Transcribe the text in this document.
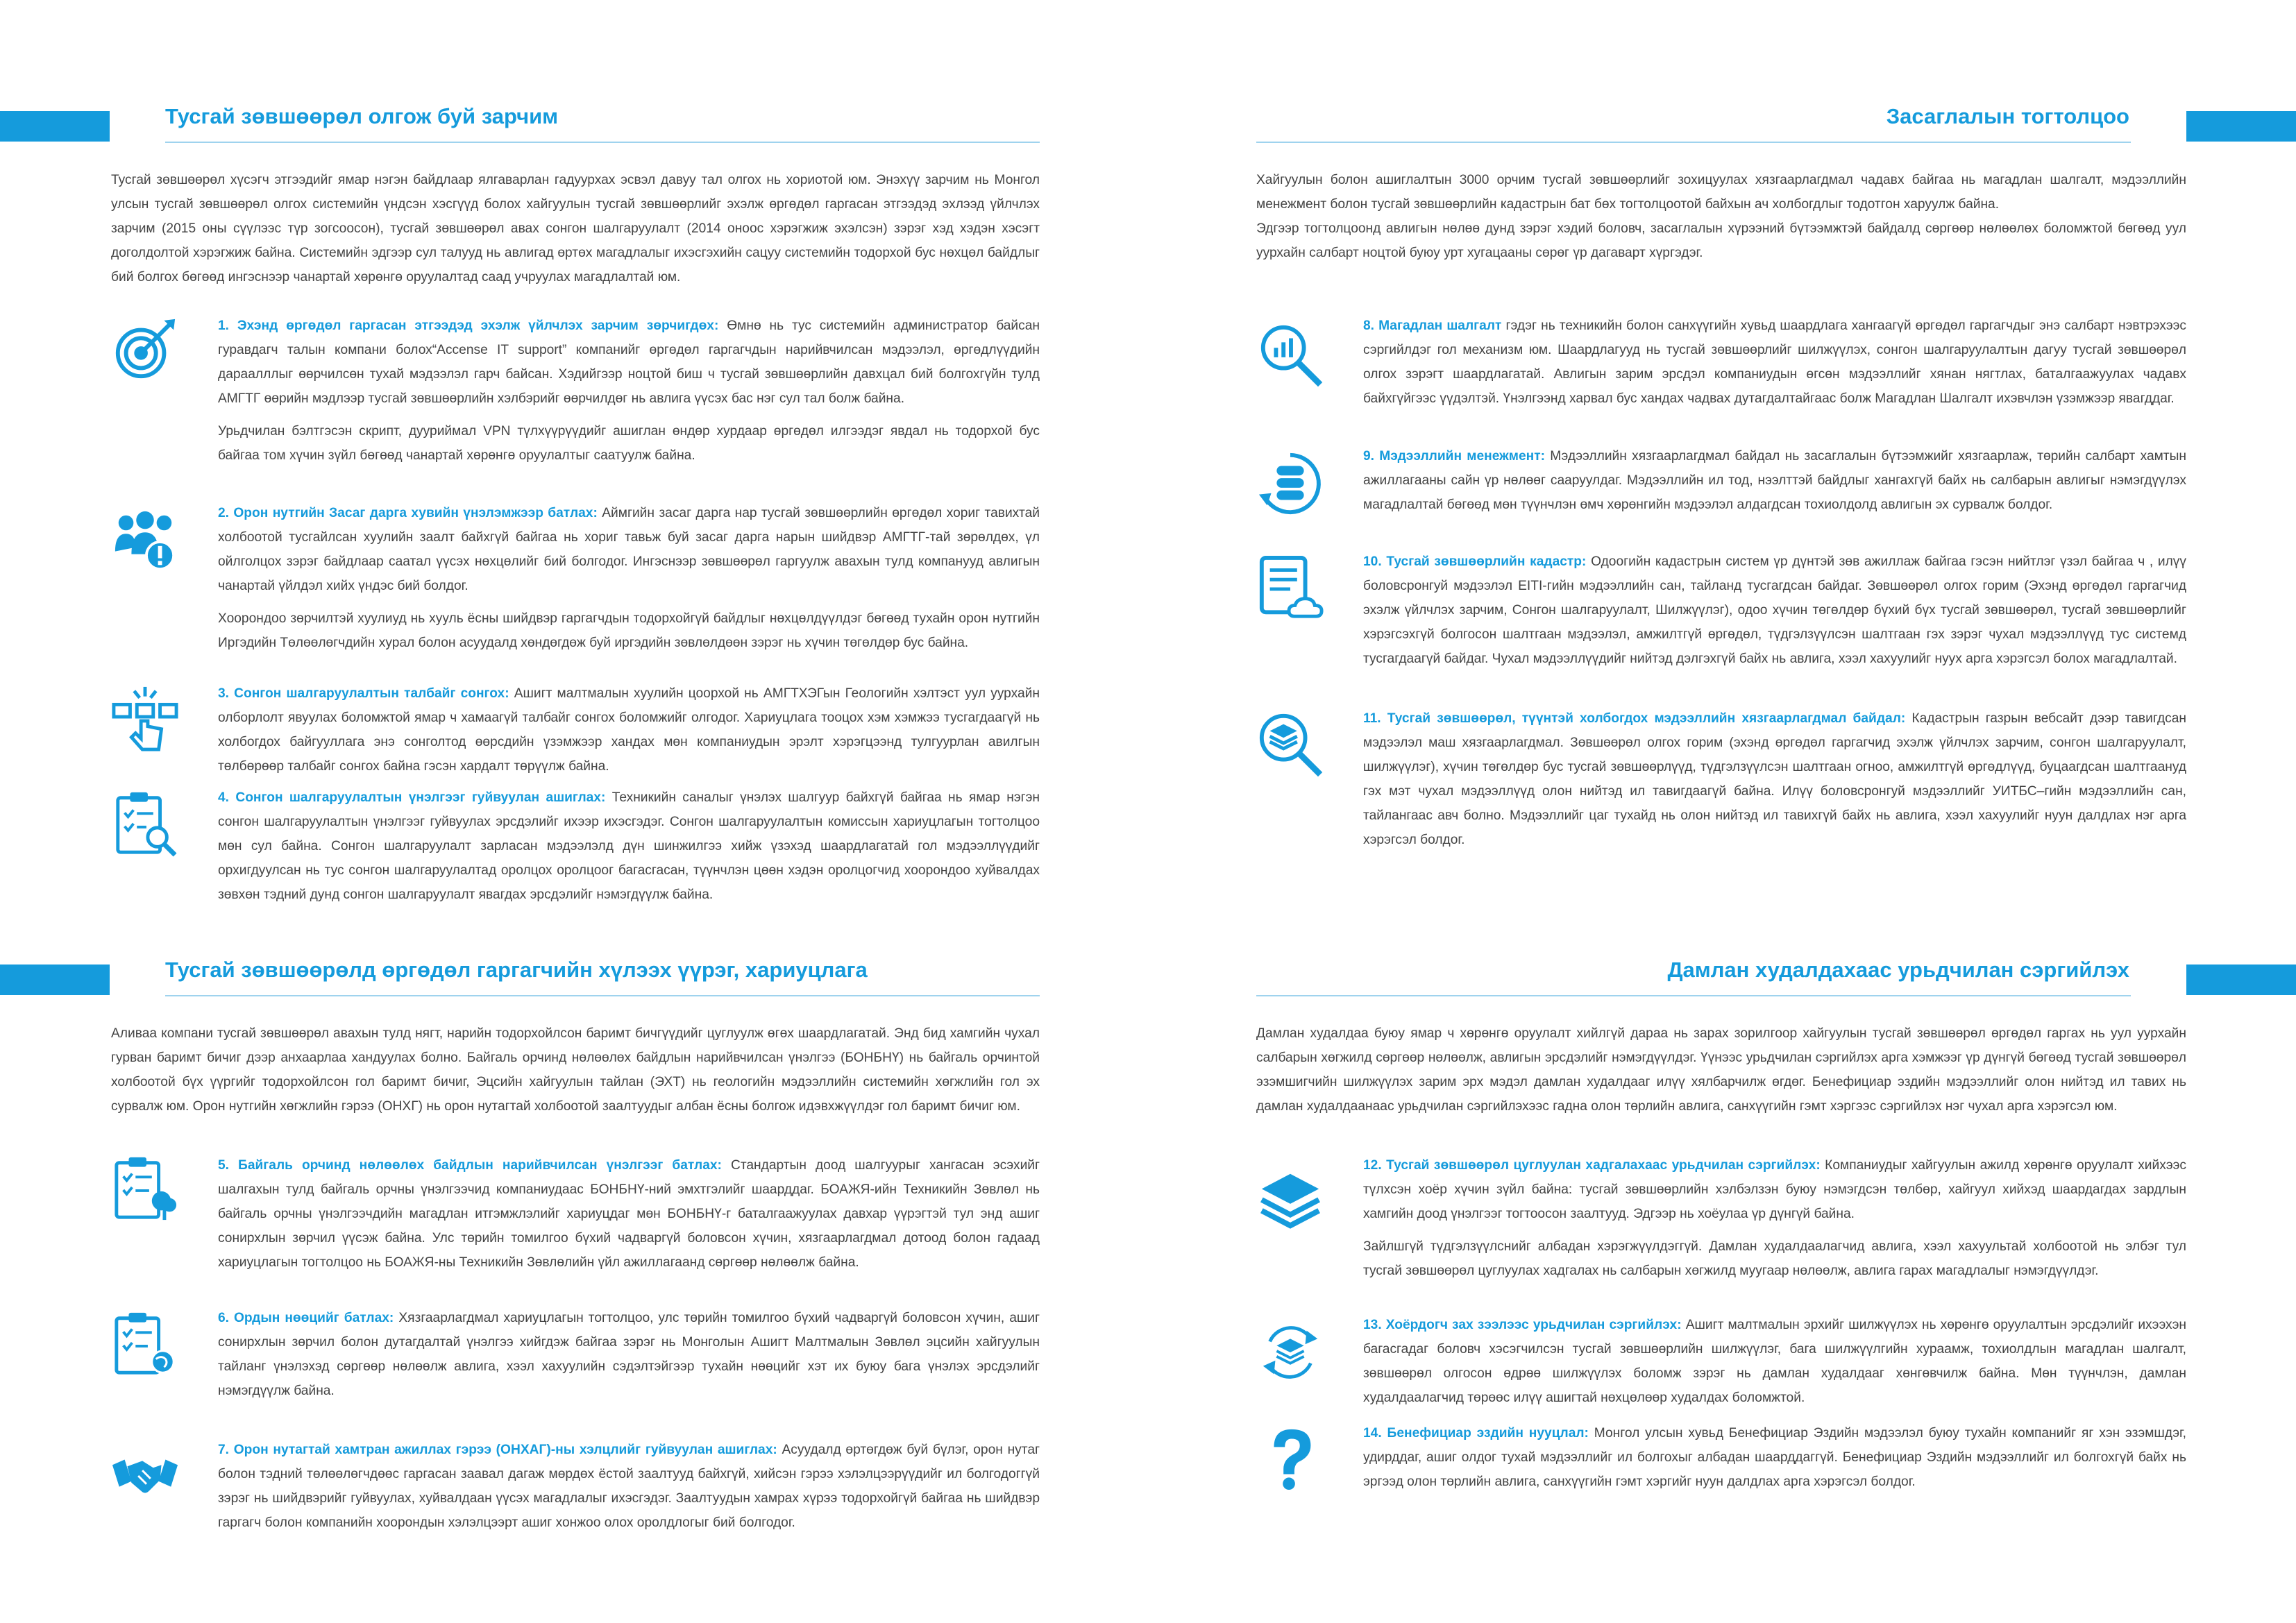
Тусгай зөвшөөрөл олгож буй зарчим

Тусгай зөвшөөрөл хүсэгч этгээдийг ямар нэгэн байдлаар ялгаварлан гадуурхах эсвэл давуу тал олгох нь хориотой юм. Энэхүү зарчим нь Монгол улсын тусгай зөвшөөрөл олгох системийн үндсэн хэсгүүд болох хайгуулын тусгай зөвшөөрлийг эхэлж өргөдөл гаргасан этгээдэд эхлээд үйлчлэх зарчим (2015 оны сүүлээс түр зогсоосон), тусгай зөвшөөрөл авах сонгон шалгаруулалт (2014 оноос хэрэгжиж эхэлсэн) зэрэг хэд хэдэн хэсэгт доголдолтой хэрэгжиж байна. Системийн эдгээр сул талууд нь авлигад өртөх магадлалыг ихэсгэхийн сацуу системийн тодорхой бус нөхцөл байдлыг бий болгох бөгөөд ингэснээр чанартай хөрөнгө оруулалтад саад учруулах магадлалтай юм.

1. Эхэнд өргөдөл гаргасан этгээдэд эхэлж үйлчлэх зарчим зөрчигдөх: Өмнө нь тус системийн администратор байсан гуравдагч талын компани болох“Accense IT support” компанийг өргөдөл гаргагчдын нарийвчилсан мэдээлэл, өргөдлүүдийн дараалллыг өөрчилсөн тухай мэдээлэл гарч байсан. Хэдийгээр ноцтой биш ч тусгай зөвшөөрлийн давхцал бий болгохгүйн тулд АМГТГ өөрийн мэдлээр тусгай зөвшөөрлийн хэлбэрийг өөрчилдөг нь авлига үүсэх бас нэг сул тал болж байна.

Урьдчилан бэлтгэсэн скрипт, дууриймал VPN түлхүүрүүдийг ашиглан өндөр хурдаар өргөдөл илгээдэг явдал нь тодорхой бус байгаа том хүчин зүйл бөгөөд чанартай хөрөнгө оруулалтыг саатуулж байна.

2. Орон нутгийн Засаг дарга хувийн үнэлэмжээр батлах: Аймгийн засаг дарга нар тусгай зөвшөөрлийн өргөдөл хориг тавихтай холбоотой тусгайлсан хуулийн заалт байхгүй байгаа нь хориг тавьж буй засаг дарга нарын шийдвэр АМГТГ-тай зөрөлдөх, үл ойлголцох зэрэг байдлаар саатал үүсэх нөхцөлийг бий болгодог. Ингэснээр зөвшөөрөл гаргуулж авахын тулд компанууд авлигын чанартай үйлдэл хийх үндэс бий болдог.

Хоорондоо зөрчилтэй хуулиуд нь хууль ёсны шийдвэр гаргагчдын тодорхойгүй байдлыг нөхцөлдүүлдэг бөгөөд тухайн орон нутгийн Иргэдийн Төлөөлөгчдийн хурал болон асуудалд хөндөгдөж буй иргэдийн зөвлөлдөөн зэрэг нь хүчин төгөлдөр бус байна.

3. Сонгон шалгаруулалтын талбайг сонгох: Ашигт малтмалын хуулийн цоорхой нь АМГТХЭГын Геологийн хэлтэст уул уурхайн олборлолт явуулах боломжтой ямар ч хамаагүй талбайг сонгох боломжийг олгодог. Хариуцлага тооцох хэм хэмжээ тусгагдаагүй нь холбогдох байгууллага энэ сонголтод өөрсдийн үзэмжээр хандах мөн компаниудын эрэлт хэрэгцээнд тулгуурлан авилгын төлбөрөөр талбайг сонгох байна гэсэн хардалт төрүүлж байна.

4. Сонгон шалгаруулалтын үнэлгээг гуйвуулан ашиглах: Техникийн саналыг үнэлэх шалгуур байхгүй байгаа нь ямар нэгэн сонгон шалгаруулалтын үнэлгээг гуйвуулах эрсдэлийг ихээр ихэсгэдэг. Сонгон шалгаруулалтын комиссын хариуцлагын тогтолцоо мөн сул байна. Сонгон шалгаруулалт зарласан мэдээлэлд дүн шинжилгээ хийж үзэхэд шаардлагатай гол мэдээллүүдийг орхигдуулсан нь тус сонгон шалгаруулалтад оролцох оролцоог багасгасан, түүнчлэн цөөн хэдэн оролцогчид хоорондоо хуйвалдах зөвхөн тэдний дунд сонгон шалгаруулалт явагдах эрсдэлийг нэмэгдүүлж байна.

Засаглалын тогтолцоо

Хайгуулын болон ашиглалтын 3000 орчим тусгай зөвшөөрлийг зохицуулах хязгаарлагдмал чадавх байгаа нь магадлан шалгалт, мэдээллийн менежмент болон тусгай зөвшөөрлийн кадастрын бат бөх тогтолцоотой байхын ач холбогдлыг тодотгон харуулж байна.
Эдгээр тогтолцоонд авлигын нөлөө дунд зэрэг хэдий боловч, засаглалын хүрээний бүтээмжтэй байдалд сөргөөр нөлөөлөх боломжтой бөгөөд уул уурхайн салбарт ноцтой буюу урт хугацааны сөрөг үр дагаварт хүргэдэг.

8. Магадлан шалгалт гэдэг нь техникийн болон санхүүгийн хувьд шаардлага хангаагүй өргөдөл гаргагчдыг энэ салбарт нэвтрэхээс сэргийлдэг гол механизм юм. Шаардлагууд нь тусгай зөвшөөрлийг шилжүүлэх, сонгон шалгаруулалтын дагуу тусгай зөвшөөрөл олгох зэрэгт шаардлагатай. Авлигын зарим эрсдэл компаниудын өгсөн мэдээллийг хянан нягтлах, баталгаажуулах чадавх байхгүйгээс үүдэлтэй. Үнэлгээнд харвал бус хандах чадвах дутагдалтайгаас болж Магадлан Шалгалт ихэвчлэн үзэмжээр явагддаг.

9. Мэдээллийн менежмент: Мэдээллийн хязгаарлагдмал байдал нь засаглалын бүтээмжийг хязгаарлаж, төрийн салбарт хамтын ажиллагааны сайн үр нөлөөг сааруулдаг. Мэдээллийн ил тод, нээлттэй байдлыг хангахгүй байх нь салбарын авлигыг нэмэгдүүлэх магадлалтай бөгөөд мөн түүнчлэн өмч хөрөнгийн мэдээлэл алдагдсан тохиолдолд авлигын эх сурвалж болдог.

10. Тусгай зөвшөөрлийн кадастр: Одоогийн кадастрын систем үр дүнтэй зөв ажиллаж байгаа гэсэн нийтлэг үзэл байгаа ч , илүү боловсронгуй мэдээлэл EITI-гийн мэдээллийн сан, тайланд тусгагдсан байдаг. Зөвшөөрөл олгох горим (Эхэнд өргөдөл гаргагчид эхэлж үйлчлэх зарчим, Сонгон шалгаруулалт, Шилжүүлэг), одоо хүчин төгөлдөр бүхий бүх тусгай зөвшөөрөл, тусгай зөвшөөрлийг хэрэгсэхгүй болгосон шалтгаан мэдээлэл, амжилтгүй өргөдөл, түдгэлзүүлсэн шалтгаан гэх зэрэг чухал мэдээллүүд тус системд тусгагдаагүй байдаг. Чухал мэдээллүүдийг нийтэд дэлгэхгүй байх нь авлига, хээл хахуулийг нуух арга хэрэгсэл болох магадлалтай.

11. Тусгай зөвшөөрөл, түүнтэй холбогдох мэдээллийн хязгаарлагдмал байдал: Кадастрын газрын вебсайт дээр тавигдсан мэдээлэл маш хязгаарлагдмал. Зөвшөөрөл олгох горим (эхэнд өргөдөл гаргагчид эхэлж үйлчлэх зарчим, сонгон шалгаруулалт, шилжүүлэг), хүчин төгөлдөр бус тусгай зөвшөөрлүүд, түдгэлзүүлсэн шалтгаан огноо, амжилтгүй өргөдлүүд, буцаагдсан шалтгаануд гэх мэт чухал мэдээллүүд олон нийтэд ил тавигдаагүй байна. Илүү боловсронгуй мэдээллийг УИТБС–гийн мэдээллийн сан, тайлангаас авч болно. Мэдээллийг цаг тухайд нь олон нийтэд ил тавихгүй байх нь авлига, хээл хахуулийг нуун далдлах нэг арга хэрэгсэл болдог.

Тусгай зөвшөөрөлд өргөдөл гаргагчийн хүлээх үүрэг, хариуцлага

Аливаа компани тусгай зөвшөөрөл авахын тулд нягт, нарийн тодорхойлсон баримт бичгүүдийг цуглуулж өгөх шаардлагатай. Энд бид хамгийн чухал гурван баримт бичиг дээр анхаарлаа хандуулах болно. Байгаль орчинд нөлөөлөх байдлын нарийвчилсан үнэлгээ (БОНБНҮ) нь байгаль орчинтой холбоотой бүх үүргийг тодорхойлсон гол баримт бичиг, Эцсийн хайгуулын тайлан (ЭХТ) нь геологийн мэдээллийн системийн хөгжлийн гол эх сурвалж юм. Орон нутгийн хөгжлийн гэрээ (ОНХГ) нь орон нутагтай холбоотой заалтуудыг албан ёсны болгож идэвхжүүлдэг гол баримт бичиг юм.

5. Байгаль орчинд нөлөөлөх байдлын нарийвчилсан үнэлгээг батлах: Стандартын доод шалгуурыг хангасан эсэхийг шалгахын тулд байгаль орчны үнэлгээчид компаниудаас БОНБНҮ-ний эмхтгэлийг шаарддаг. БОАЖЯ-ийн Техникийн Зөвлөл нь байгаль орчны үнэлгээчдийн магадлан итгэмжлэлийг хариуцдаг мөн БОНБНҮ-г баталгаажуулах давхар үүрэгтэй тул энд ашиг сонирхлын зөрчил үүсэж байна. Улс төрийн томилгоо бүхий чадваргүй боловсон хүчин, хязгаарлагдмал дотоод болон гадаад хариуцлагын тогтолцоо нь БОАЖЯ-ны Техникийн Зөвлөлийн үйл ажиллагаанд сөргөөр нөлөөлж байна.

6. Ордын нөөцийг батлах: Хязгаарлагдмал хариуцлагын тогтолцоо, улс төрийн томилгоо бүхий чадваргүй боловсон хүчин, ашиг сонирхлын зөрчил болон дутагдалтай үнэлгээ хийгдэж байгаа зэрэг нь Монголын Ашигт Малтмалын Зөвлөл эцсийн хайгуулын тайланг үнэлэхэд сөргөөр нөлөөлж авлига, хээл хахуулийн сэдэлтэйгээр тухайн нөөцийг хэт их буюу бага үнэлэх эрсдэлийг нэмэгдүүлж байна.

7. Орон нутагтай хамтран ажиллах гэрээ (ОНХАГ)-ны хэлцлийг гуйвуулан ашиглах: Асуудалд өртөгдөж буй бүлэг, орон нутаг болон тэдний төлөөлөгчдөөс гаргасан заавал дагаж мөрдөх ёстой заалтууд байхгүй, хийсэн гэрээ хэлэлцээрүүдийг ил болгодоггүй зэрэг нь шийдвэрийг гуйвуулах, хуйвалдаан үүсэх магадлалыг ихэсгэдэг. Заалтуудын хамрах хүрээ тодорхойгүй байгаа нь шийдвэр гаргагч болон компанийн хоорондын хэлэлцээрт ашиг хонжоо олох оролдлогыг бий болгодог.

Дамлан худалдахаас урьдчилан сэргийлэх

Дамлан худалдаа буюу ямар ч хөрөнгө оруулалт хийлгүй дараа нь зарах зорилгоор хайгуулын тусгай зөвшөөрөл өргөдөл гаргах нь уул уурхайн салбарын хөгжилд сөргөөр нөлөөлж, авлигын эрсдэлийг нэмэгдүүлдэг. Үүнээс урьдчилан сэргийлэх арга хэмжээг үр дүнгүй бөгөөд тусгай зөвшөөрөл эзэмшигчийн шилжүүлэх зарим эрх мэдэл дамлан худалдааг илүү хялбарчилж өгдөг. Бенефициар эздийн мэдээллийг олон нийтэд ил тавих нь дамлан худалдаанаас урьдчилан сэргийлэхээс гадна олон төрлийн авлига, санхүүгийн гэмт хэргээс сэргийлэх нэг чухал арга хэрэгсэл юм.

12. Тусгай зөвшөөрөл цуглуулан хадгалахаас урьдчилан сэргийлэх: Компаниудыг хайгуулын ажилд хөрөнгө оруулалт хийхээс түлхсэн хоёр хүчин зүйл байна: тусгай зөвшөөрлийн хэлбэлзэн буюу нэмэгдсэн төлбөр, хайгуул хийхэд шаардагдах зардлын хамгийн доод үнэлгээг тогтоосон заалтууд. Эдгээр нь хоёулаа үр дүнгүй байна.

Зайлшгүй түдгэлзүүлснийг албадан хэрэгжүүлдэггүй. Дамлан худалдаалагчид авлига, хээл хахуультай холбоотой нь элбэг тул тусгай зөвшөөрөл цуглуулах хадгалах нь салбарын хөгжилд муугаар нөлөөлж, авлига гарах магадлалыг нэмэгдүүлдэг.

13. Хоёрдогч зах зээлээс урьдчилан сэргийлэх: Ашигт малтмалын эрхийг шилжүүлэх нь хөрөнгө оруулалтын эрсдэлийг ихээхэн багасгадаг боловч хэсэгчилсэн тусгай зөвшөөрлийн шилжүүлэг, бага шилжүүлгийн хураамж, тохиолдлын магадлан шалгалт, зөвшөөрөл олгосон өдрөө шилжүүлэх боломж зэрэг нь дамлан худалдааг хөнгөвчилж байна. Мөн түүнчлэн, дамлан худалдаалагчид төрөөс илүү ашигтай нөхцөлөөр худалдах боломжтой.

14. Бенефициар эздийн нууцлал: Монгол улсын хувьд Бенефициар Эздийн мэдээлэл буюу тухайн компанийг яг хэн эзэмшдэг, удирддаг, ашиг олдог тухай мэдээллийг ил болгохыг албадан шаарддаггүй. Бенефициар Эздийн мэдээллийг ил болгохгүй байх нь эргээд олон төрлийн авлига, санхүүгийн гэмт хэргийг нуун далдлах арга хэрэгсэл болдог.
